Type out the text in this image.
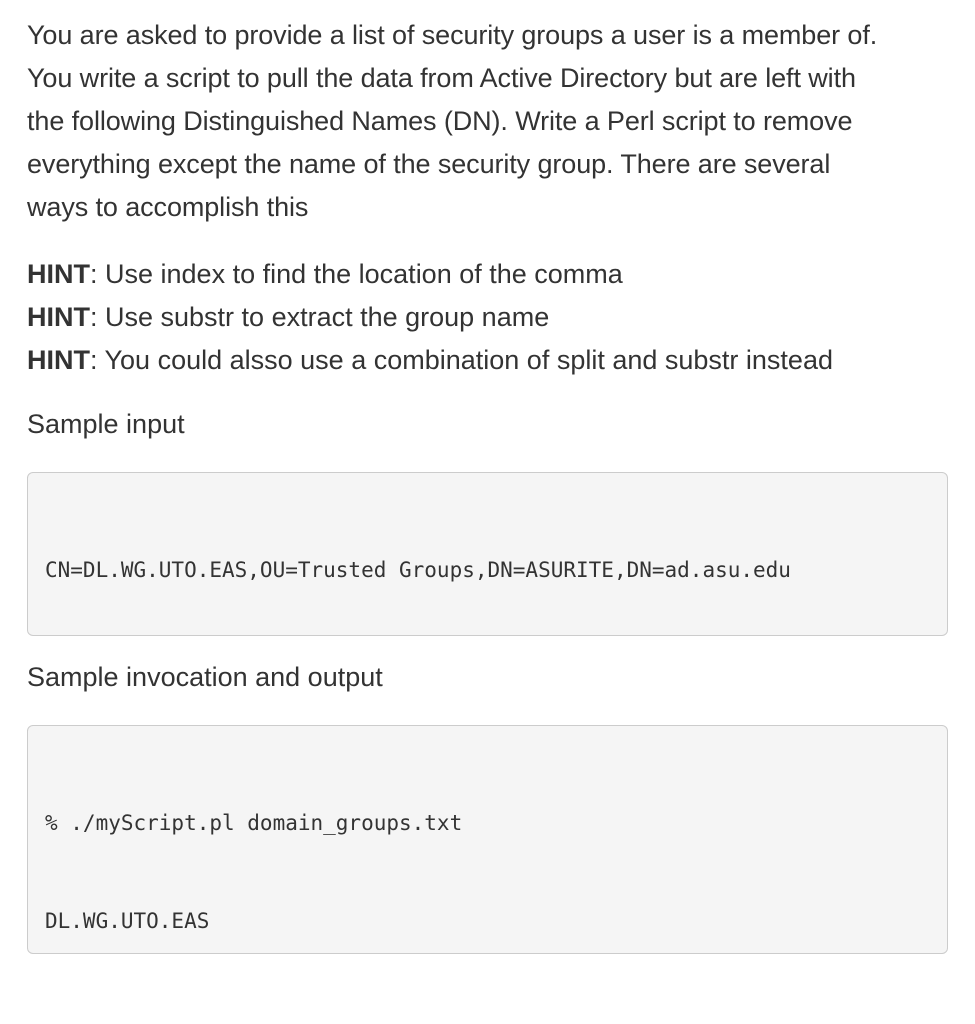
You are asked to provide a list of security groups a user is a member of.

You write a script to pull the data from Active Directory but are left with

the following Distinguished Names (DN). Write a Perl script to remove

everything except the name of the security group. There are several

ways to accomplish this

HINT: Use index to find the location of the comma

HINT: Use substr to extract the group name

HINT: You could alsso use a combination of split and substr instead

Sample input

CN=DL.WG.UTO.EAS,OU=Trusted Groups,DN=ASURITE,DN=ad.asu.edu

Sample invocation and output

% ./myScript.pl domain_groups.txt

DL.WG.UTO.EAS
